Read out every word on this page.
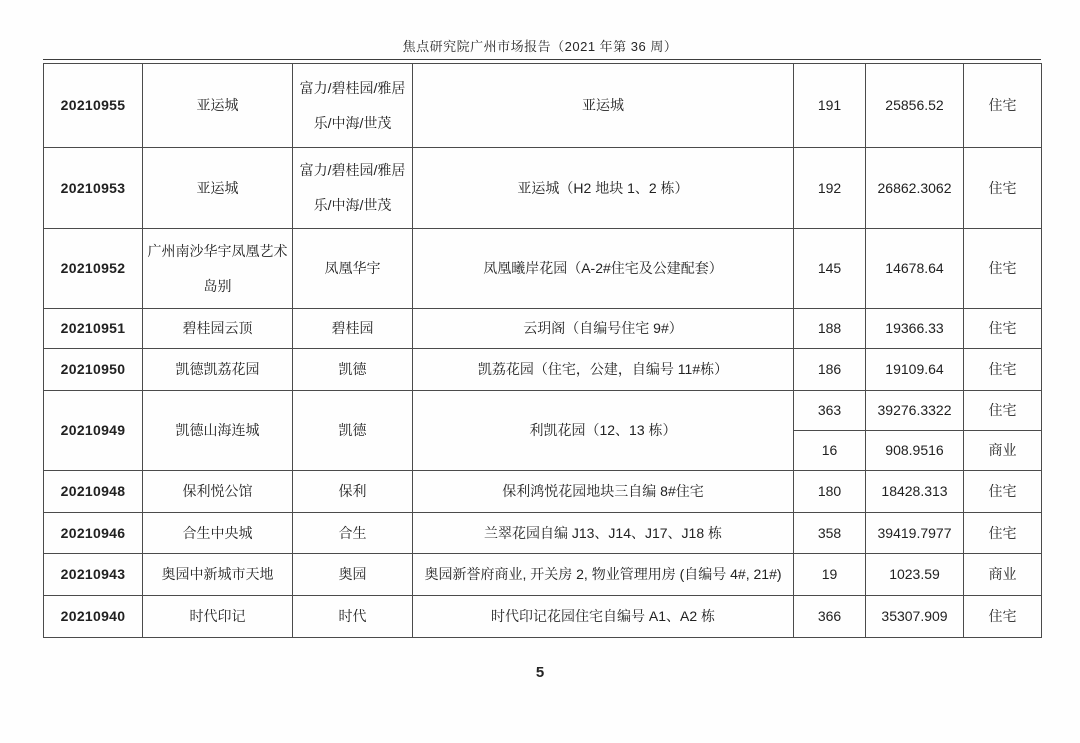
焦点研究院广州市场报告（2021 年第 36 周）
20210955	亚运城	富力/碧桂园/雅居乐/中海/世茂	亚运城	191	25856.52	住宅
20210953	亚运城	富力/碧桂园/雅居乐/中海/世茂	亚运城（H2 地块 1、2 栋）	192	26862.3062	住宅
20210952	广州南沙华宇凤凰艺术岛别	凤凰华宇	凤凰曦岸花园（A-2#住宅及公建配套）	145	14678.64	住宅
20210951	碧桂园云顶	碧桂园	云玥阁（自编号住宅 9#）	188	19366.33	住宅
20210950	凯德凯荔花园	凯德	凯荔花园（住宅，公建，自编号 11#栋）	186	19109.64	住宅
20210949	凯德山海连城	凯德	利凯花园（12、13 栋）	363	39276.3322	住宅
				16	908.9516	商业
20210948	保利悦公馆	保利	保利鸿悦花园地块三自编 8#住宅	180	18428.313	住宅
20210946	合生中央城	合生	兰翠花园自编 J13、J14、J17、J18 栋	358	39419.7977	住宅
20210943	奥园中新城市天地	奥园	奥园新誉府商业, 开关房 2, 物业管理用房 (自编号 4#, 21#)	19	1023.59	商业
20210940	时代印记	时代	时代印记花园住宅自编号 A1、A2 栋	366	35307.909	住宅
5
